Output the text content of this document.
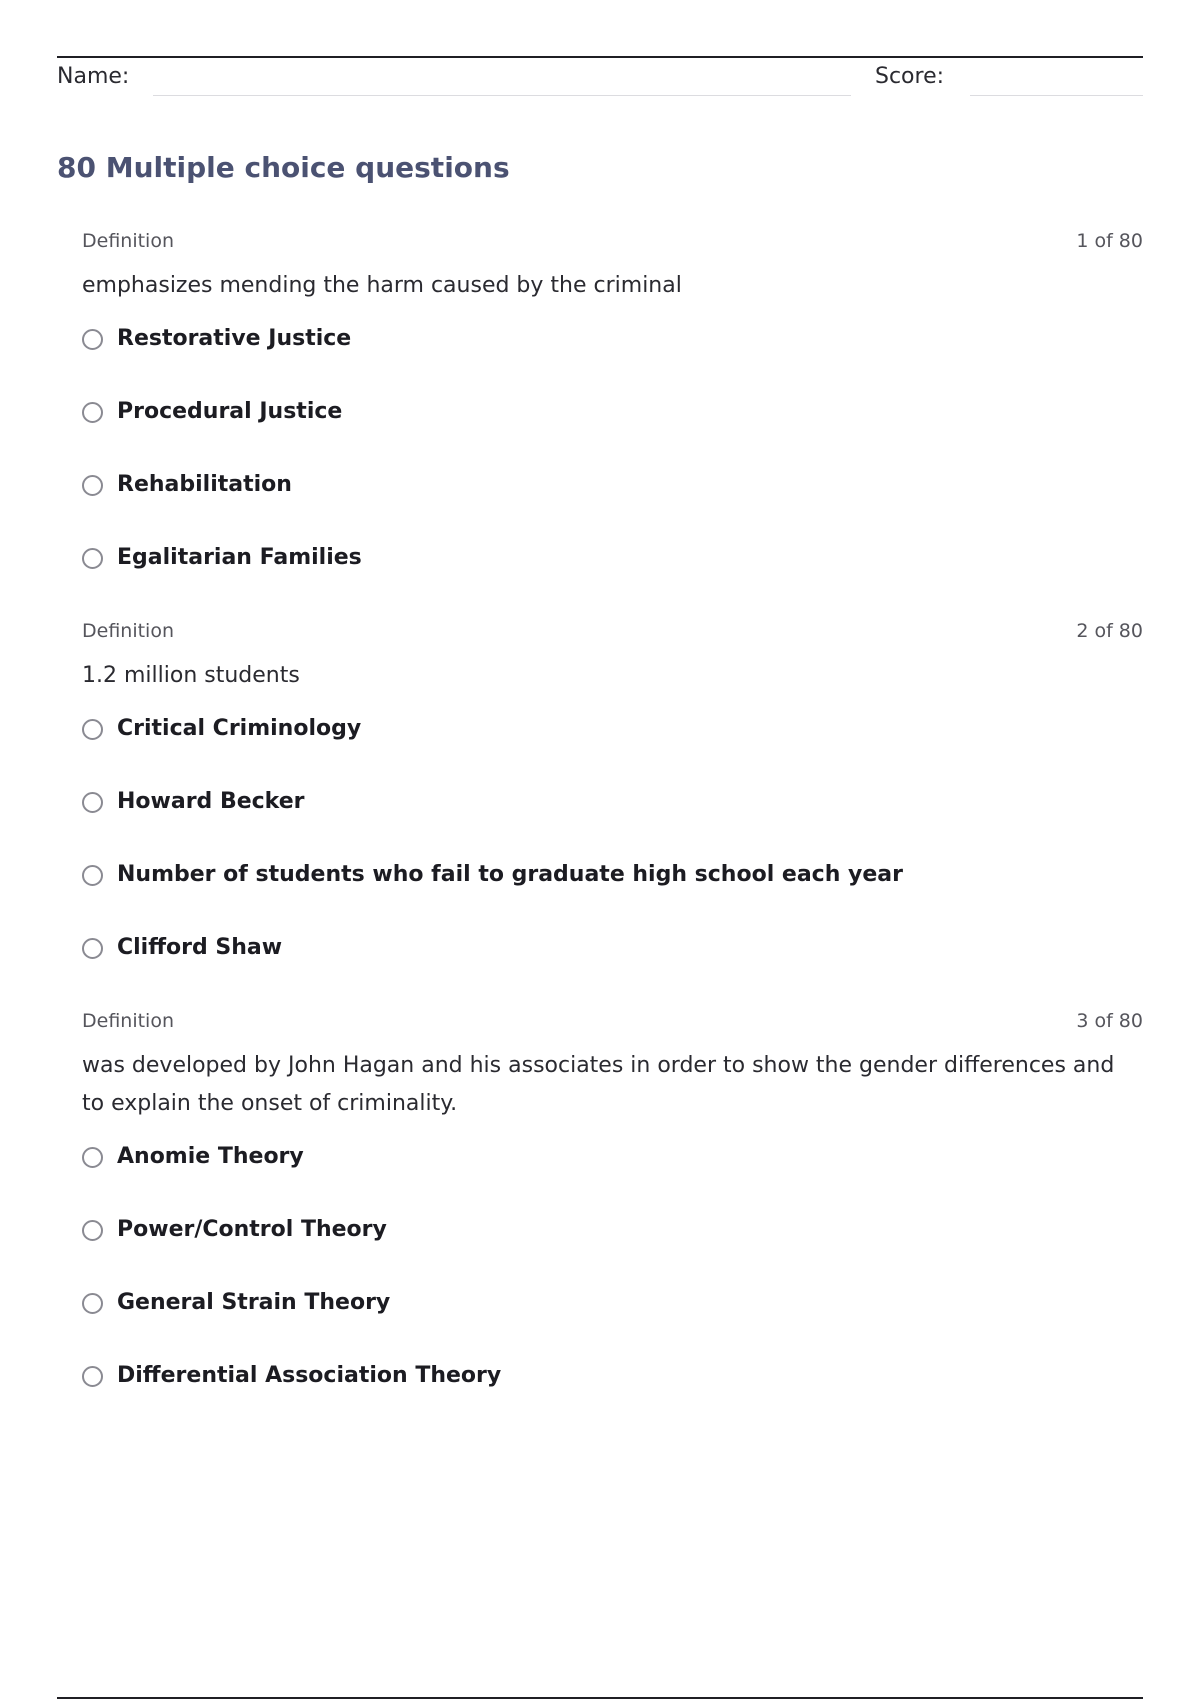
Name:	Score:
80 Multiple choice questions
Definition	1 of 80
emphasizes mending the harm caused by the criminal
Restorative Justice
Procedural Justice
Rehabilitation
Egalitarian Families
Definition	2 of 80
1.2 million students
Critical Criminology
Howard Becker
Number of students who fail to graduate high school each year
Clifford Shaw
Definition	3 of 80
was developed by John Hagan and his associates in order to show the gender differences and to explain the onset of criminality.
Anomie Theory
Power/Control Theory
General Strain Theory
Differential Association Theory
